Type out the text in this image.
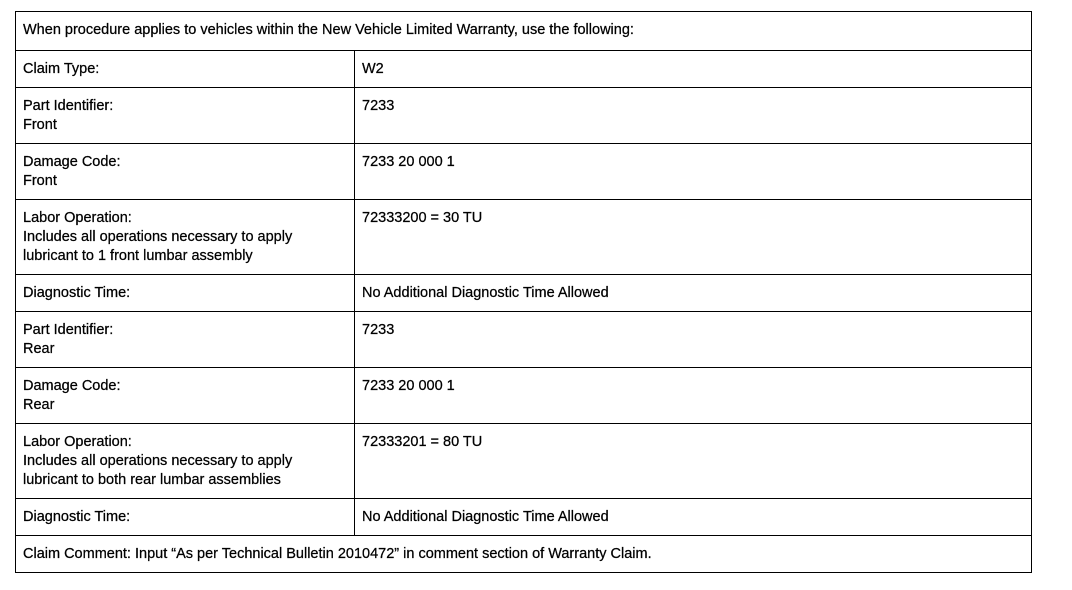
When procedure applies to vehicles within the New Vehicle Limited Warranty, use the following:	

Claim Type:	W2

Part Identifier:
Front	7233

Damage Code:
Front	7233 20 000 1

Labor Operation:
Includes all operations necessary to apply
lubricant to 1 front lumbar assembly	72333200 = 30 TU

Diagnostic Time:	No Additional Diagnostic Time Allowed

Part Identifier:
Rear	7233

Damage Code:
Rear	7233 20 000 1

Labor Operation:
Includes all operations necessary to apply
lubricant to both rear lumbar assemblies	72333201 = 80 TU

Diagnostic Time:	No Additional Diagnostic Time Allowed
Claim Comment: Input “As per Technical Bulletin 2010472” in comment section of Warranty Claim.	
